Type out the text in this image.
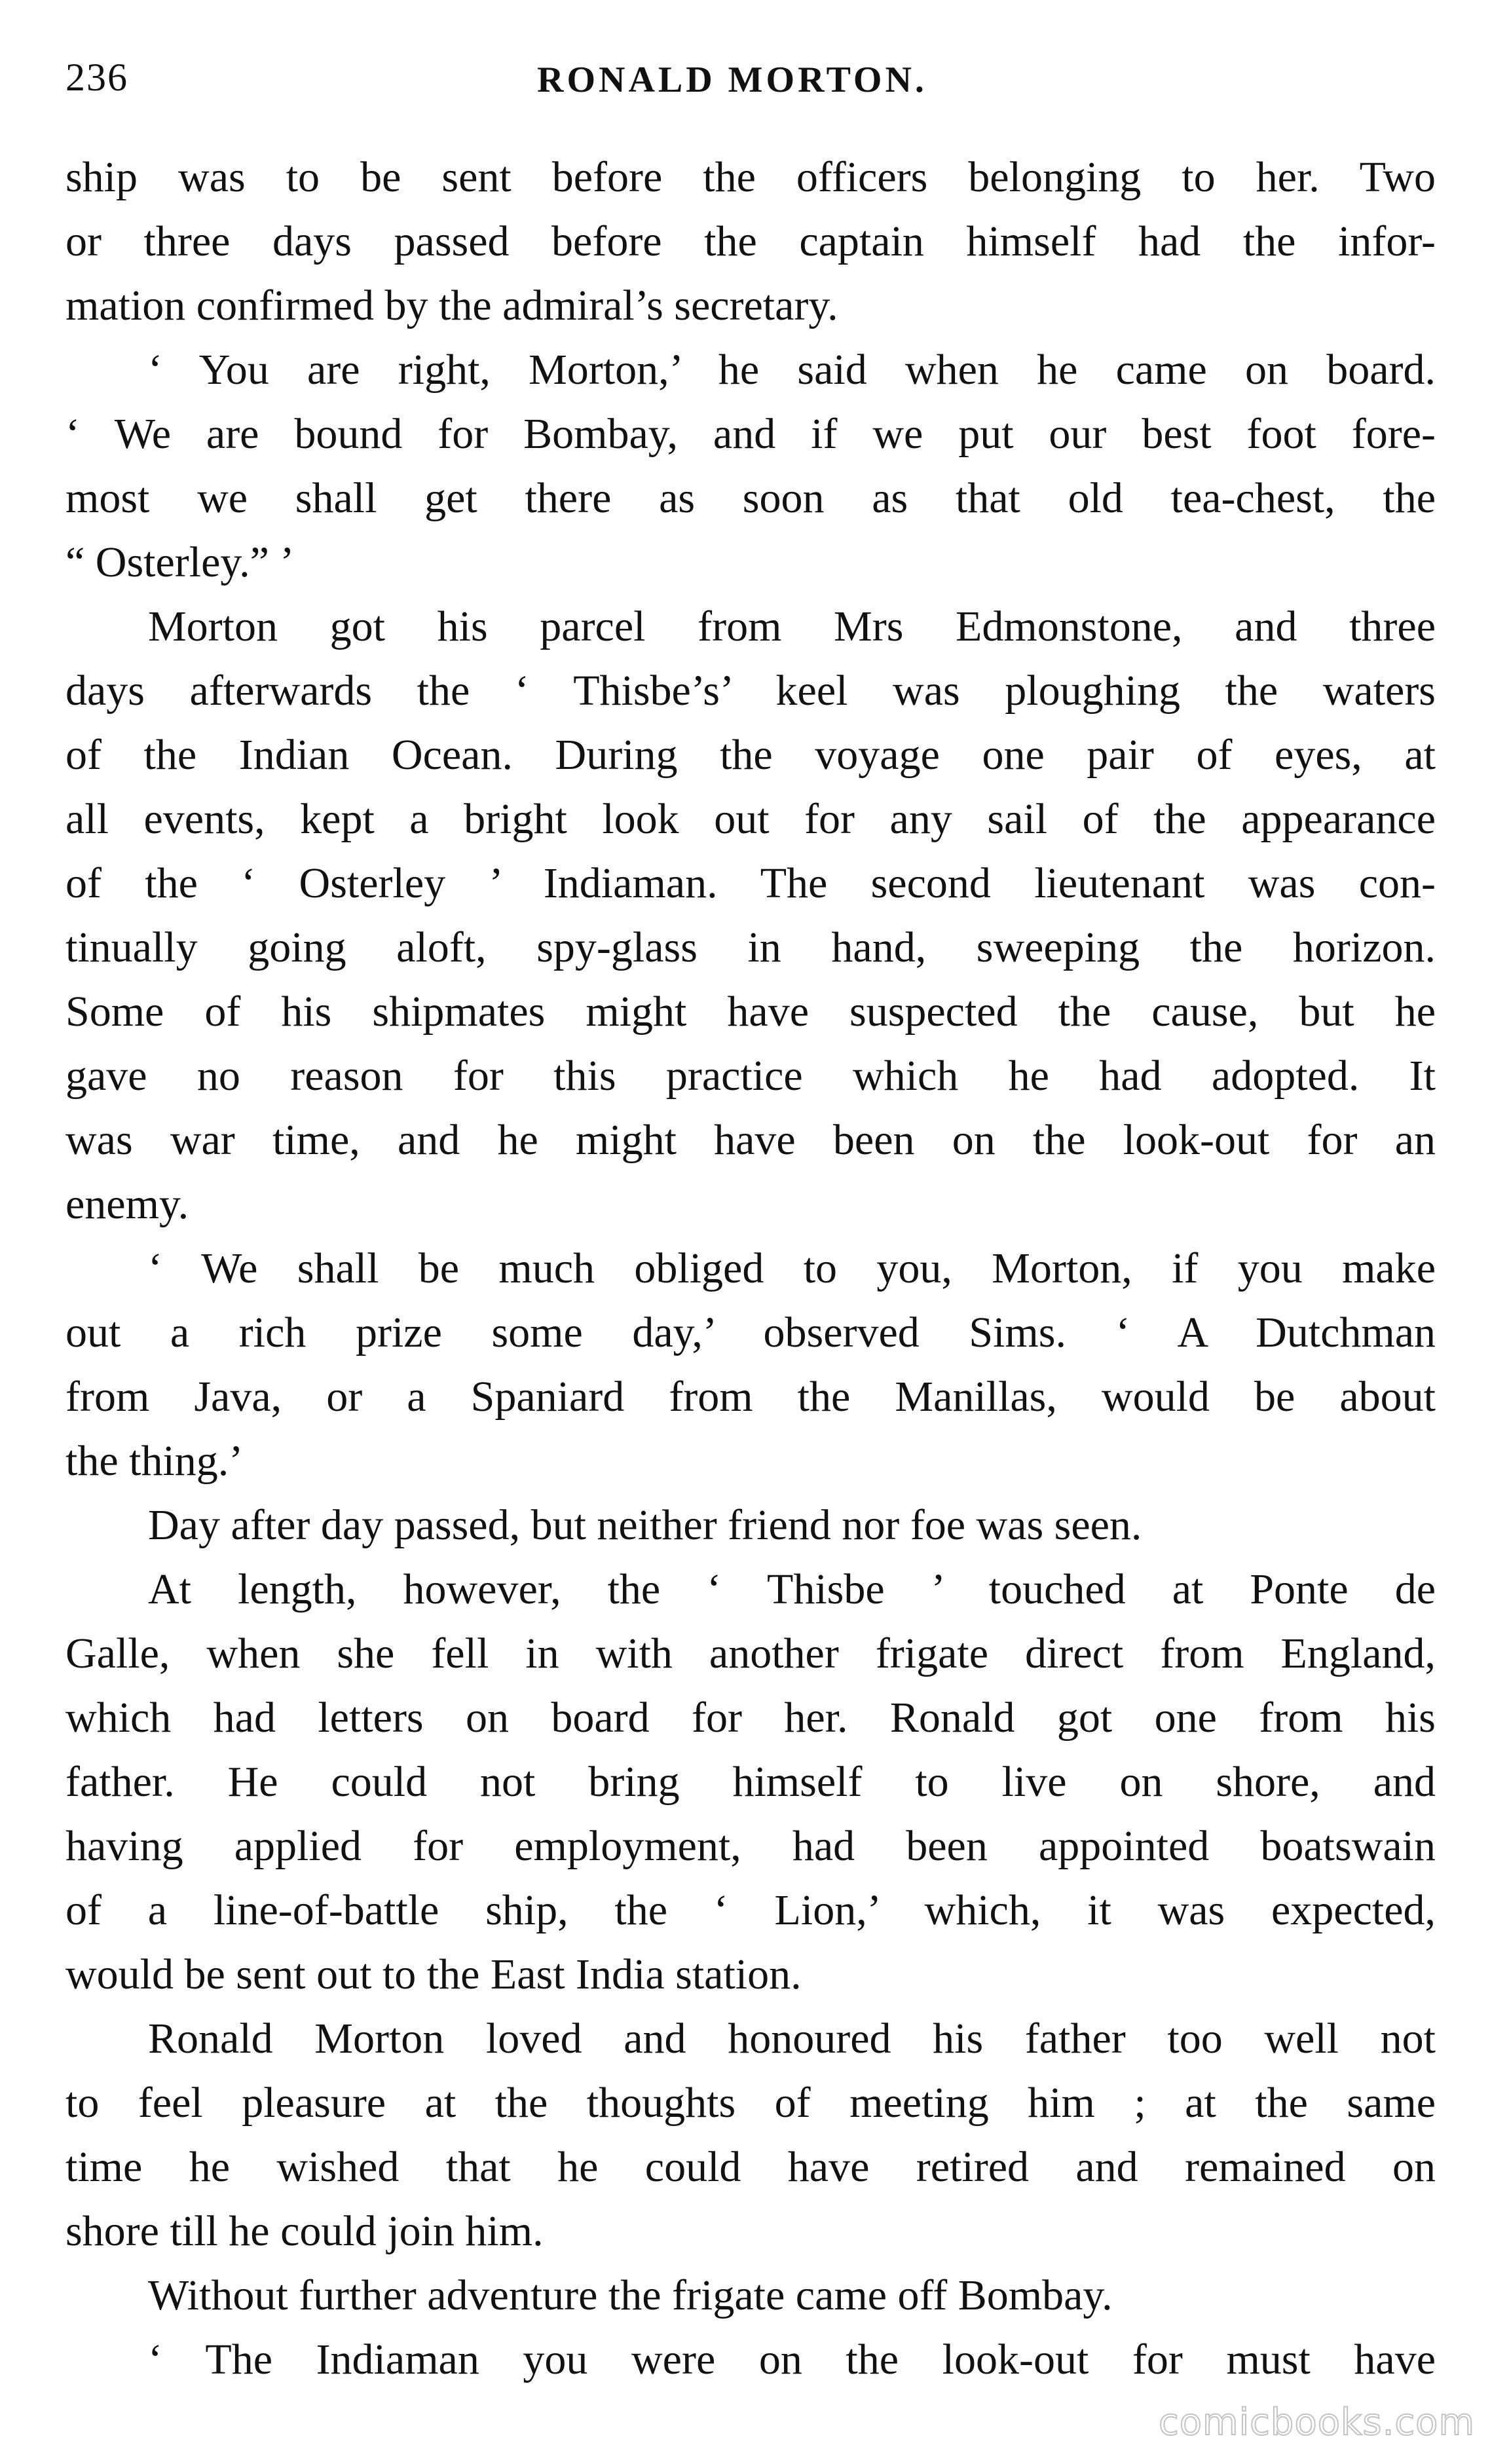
236	RONALD MORTON.
ship was to be sent before the officers belonging to her. Two
or three days passed before the captain himself had the infor-
mation confirmed by the admiral’s secretary.
‘ You are right, Morton,’ he said when he came on board.
‘ We are bound for Bombay, and if we put our best foot fore-
most we shall get there as soon as that old tea-chest, the
“ Osterley.” ’
Morton got his parcel from Mrs Edmonstone, and three
days afterwards the ‘ Thisbe’s’ keel was ploughing the waters
of the Indian Ocean. During the voyage one pair of eyes, at
all events, kept a bright look out for any sail of the appearance
of the ‘ Osterley ’ Indiaman. The second lieutenant was con-
tinually going aloft, spy-glass in hand, sweeping the horizon.
Some of his shipmates might have suspected the cause, but he
gave no reason for this practice which he had adopted. It
was war time, and he might have been on the look-out for an
enemy.
‘ We shall be much obliged to you, Morton, if you make
out a rich prize some day,’ observed Sims. ‘ A Dutchman
from Java, or a Spaniard from the Manillas, would be about
the thing.’
Day after day passed, but neither friend nor foe was seen.
At length, however, the ‘ Thisbe ’ touched at Ponte de
Galle, when she fell in with another frigate direct from England,
which had letters on board for her. Ronald got one from his
father. He could not bring himself to live on shore, and
having applied for employment, had been appointed boatswain
of a line-of-battle ship, the ‘ Lion,’ which, it was expected,
would be sent out to the East India station.
Ronald Morton loved and honoured his father too well not
to feel pleasure at the thoughts of meeting him ; at the same
time he wished that he could have retired and remained on
shore till he could join him.
Without further adventure the frigate came off Bombay.
‘ The Indiaman you were on the look-out for must have
comicbooks.com
